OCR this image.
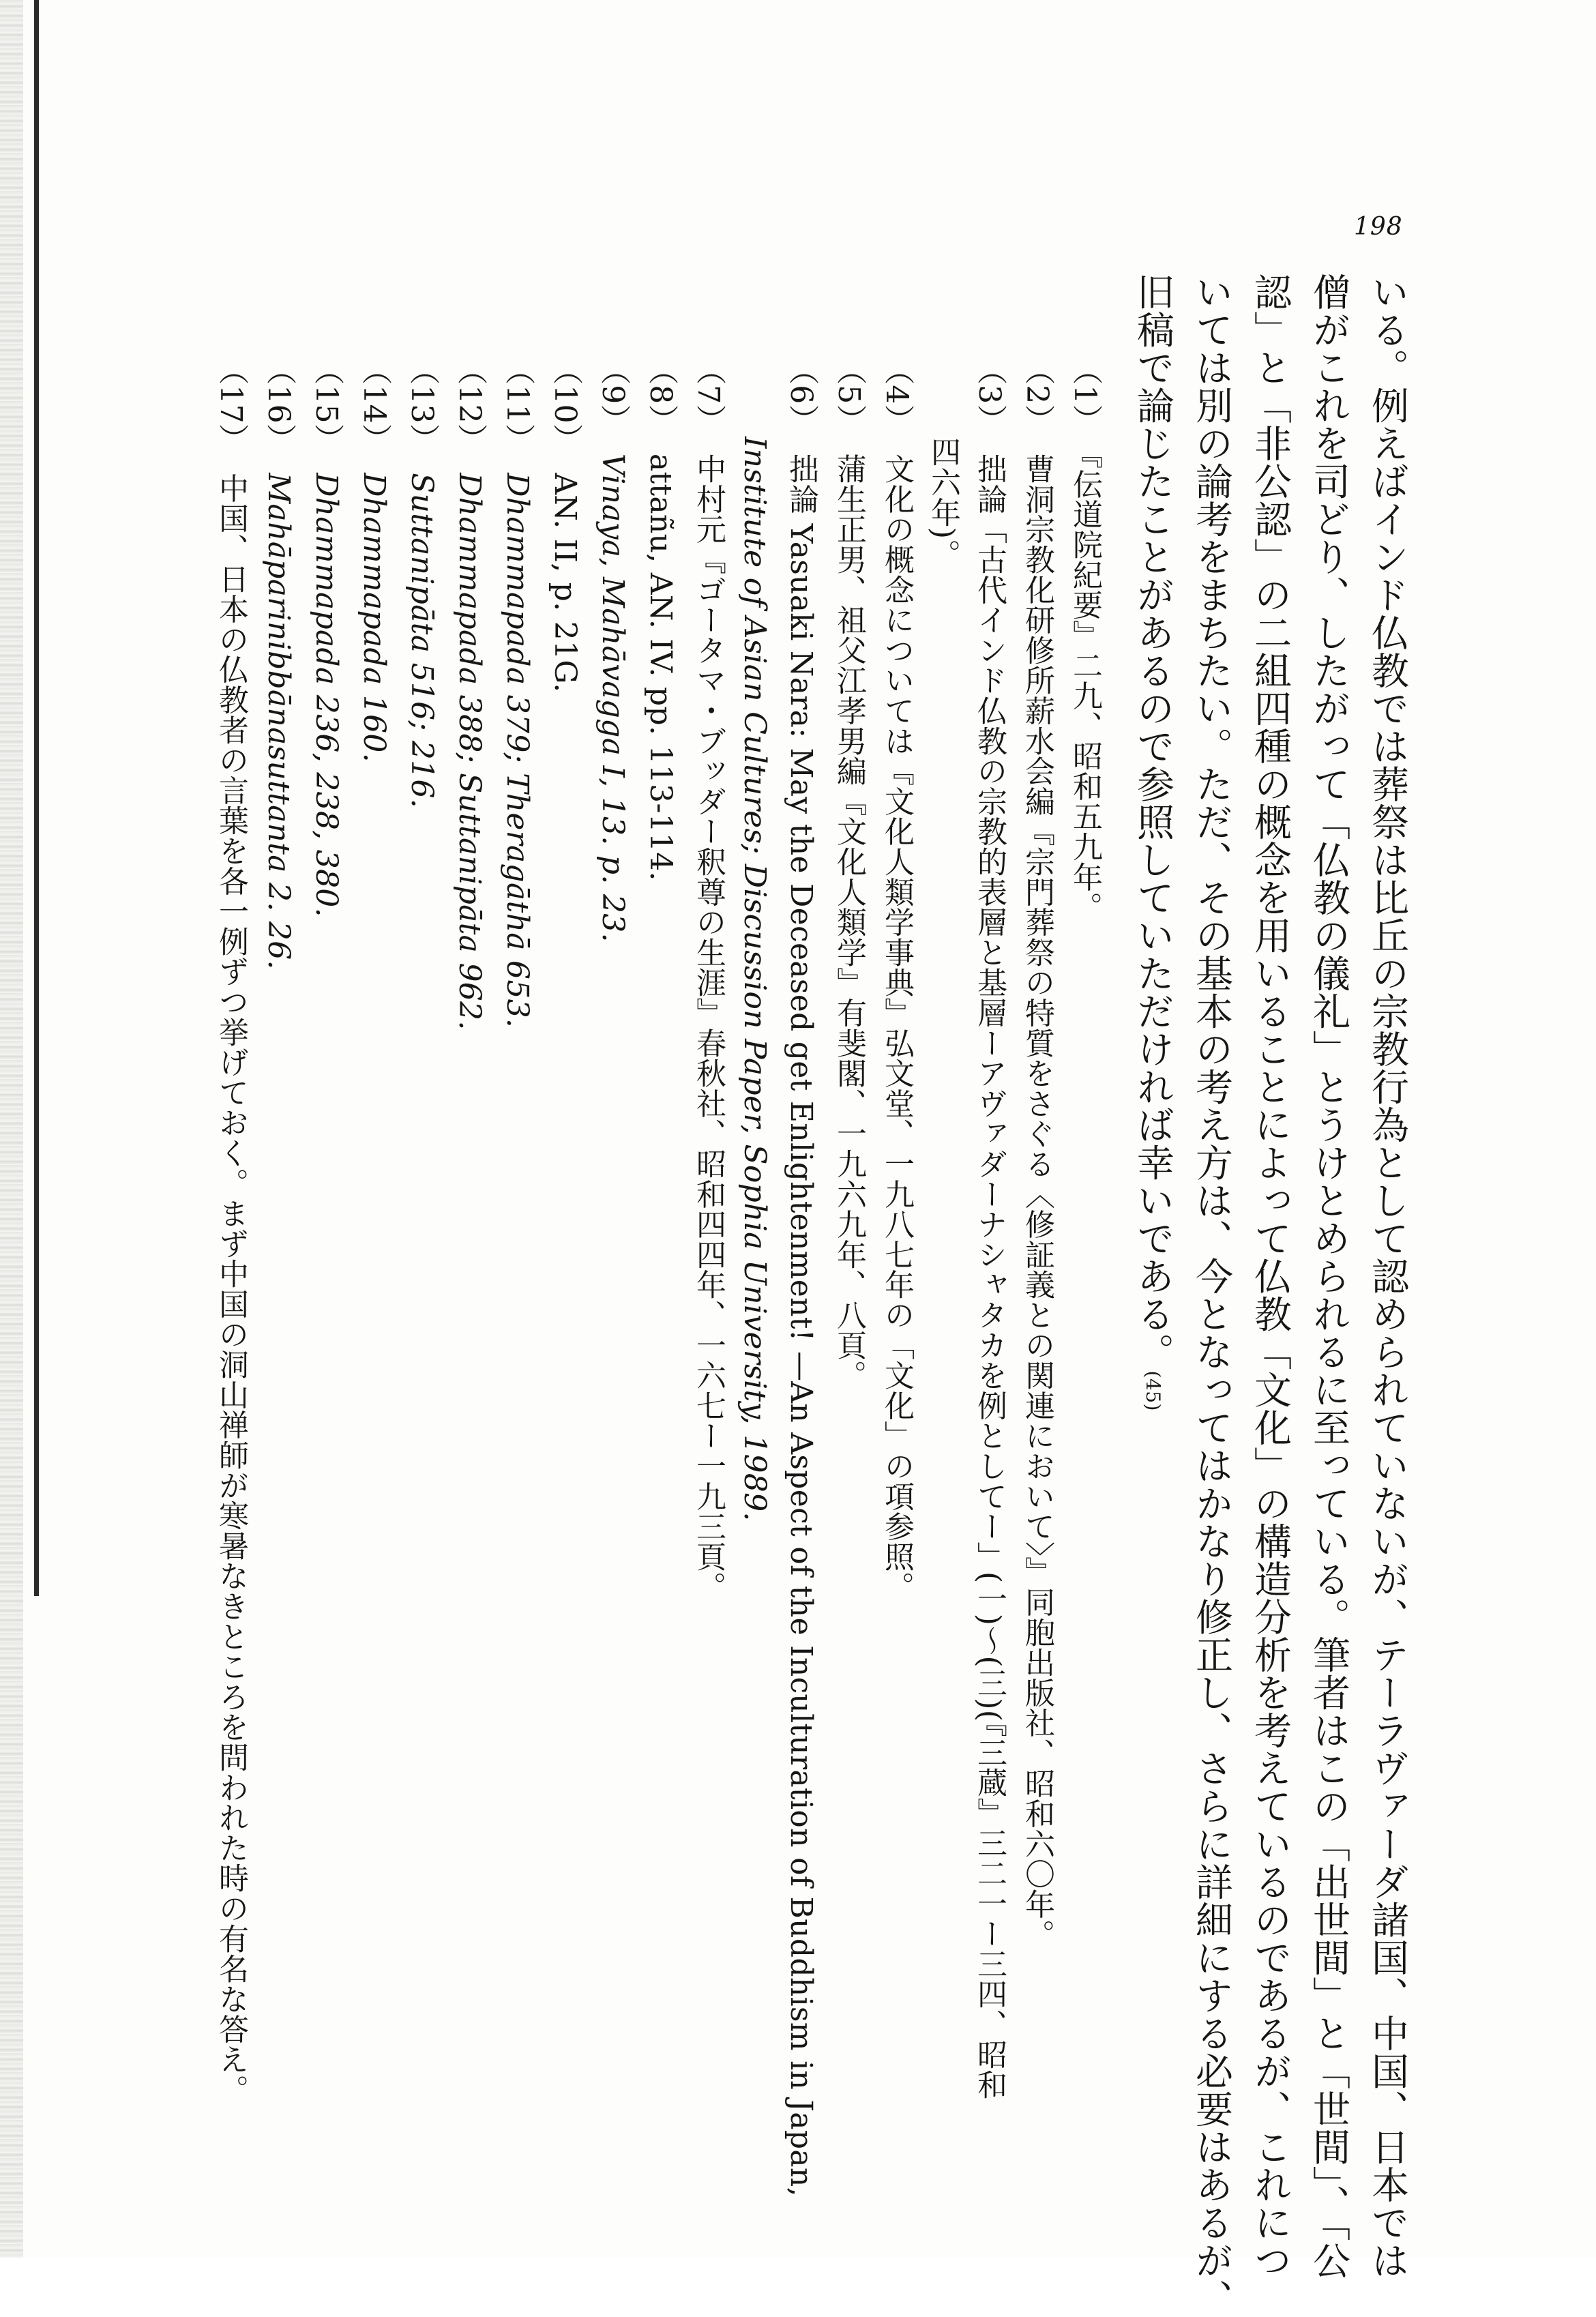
198
いる。例えばインド仏教では葬祭は比丘の宗教行為として認められていないが、テーラヴァーダ諸国、中国、日本では
僧がこれを司どり、したがって「仏教の儀礼」とうけとめられるに至っている。筆者はこの「出世間」と「世間」、「公
認」と「非公認」の二組四種の概念を用いることによって仏教「文化」の構造分析を考えているのであるが、これにつ
いては別の論考をまちたい。ただ、その基本の考え方は、今となってはかなり修正し、さらに詳細にする必要はあるが、
旧稿で論じたことがあるので参照していただければ幸いである。(45)
（1）『伝道院紀要』二九、昭和五九年。
（2）曹洞宗教化研修所薪水会編『宗門葬祭の特質をさぐる〈修証義との関連において〉』同胞出版社、昭和六〇年。
（3）拙論「古代インド仏教の宗教的表層と基層ーアヴァダーナシャタカを例としてー」(一)〜(三)(『三蔵』三二一ー三四、昭和
四六年)。
（4）文化の概念については『文化人類学事典』弘文堂、一九八七年の「文化」の項参照。
（5）蒲生正男、祖父江孝男編『文化人類学』有斐閣、一九六九年、八頁。
（6）拙論 Yasuaki Nara: May the Deceased get Enlightenment! —An Aspect of the Inculturation of Buddhism in Japan,
Institute of Asian Cultures; Discussion Paper, Sophia University, 1989.
（7）中村元『ゴータマ・ブッダー釈尊の生涯』春秋社、昭和四四年、一六七ー一九三頁。
（8）attañu, AN. IV. pp. 113-114.
（9）Vinaya, Mahāvagga I, 13. p. 23.
（10）AN. II, p. 21G.
（11）Dhammapada 379; Theragāthā 653.
（12）Dhammapada 388; Suttanipāta 962.
（13）Suttanipāta 516; 216.
（14）Dhammapada 160.
（15）Dhammapada 236, 238, 380.
（16）Mahāparinibbānasuttanta 2. 26.
（17）中国、日本の仏教者の言葉を各一例ずつ挙げておく。まず中国の洞山禅師が寒暑なきところを問われた時の有名な答え。
